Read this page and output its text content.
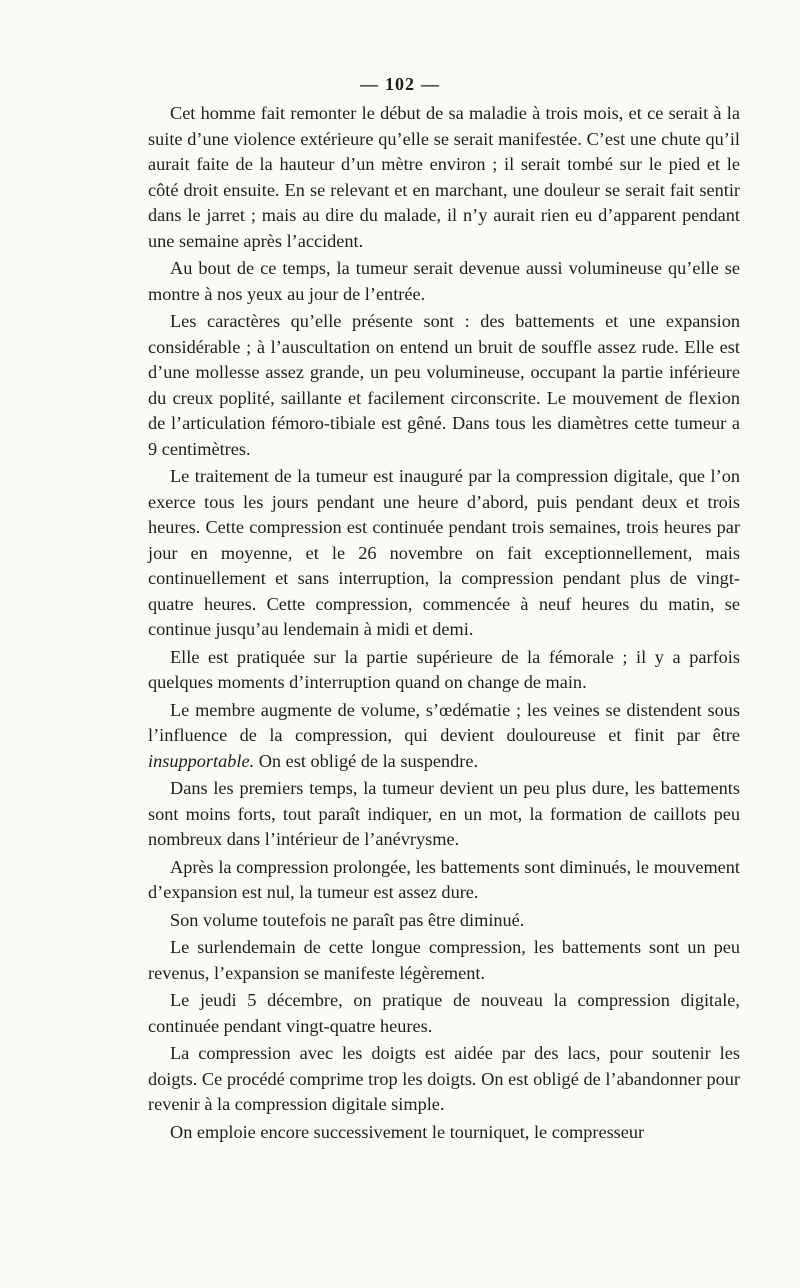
— 102 —

Cet homme fait remonter le début de sa maladie à trois mois, et ce serait à la suite d’une violence extérieure qu’elle se serait manifestée. C’est une chute qu’il aurait faite de la hauteur d’un mètre environ ; il serait tombé sur le pied et le côté droit ensuite. En se relevant et en marchant, une douleur se serait fait sentir dans le jarret ; mais au dire du malade, il n’y aurait rien eu d’apparent pendant une semaine après l’accident.

Au bout de ce temps, la tumeur serait devenue aussi volumineuse qu’elle se montre à nos yeux au jour de l’entrée.

Les caractères qu’elle présente sont : des battements et une expansion considérable ; à l’auscultation on entend un bruit de souffle assez rude. Elle est d’une mollesse assez grande, un peu volumineuse, occupant la partie inférieure du creux poplité, saillante et facilement circonscrite. Le mouvement de flexion de l’articulation fémoro-tibiale est gêné. Dans tous les diamètres cette tumeur a 9 centimètres.

Le traitement de la tumeur est inauguré par la compression digitale, que l’on exerce tous les jours pendant une heure d’abord, puis pendant deux et trois heures. Cette compression est continuée pendant trois semaines, trois heures par jour en moyenne, et le 26 novembre on fait exceptionnellement, mais continuellement et sans interruption, la compression pendant plus de vingt-quatre heures. Cette compression, commencée à neuf heures du matin, se continue jusqu’au lendemain à midi et demi.

Elle est pratiquée sur la partie supérieure de la fémorale ; il y a parfois quelques moments d’interruption quand on change de main.

Le membre augmente de volume, s’œdématie ; les veines se distendent sous l’influence de la compression, qui devient douloureuse et finit par être insupportable. On est obligé de la suspendre.

Dans les premiers temps, la tumeur devient un peu plus dure, les battements sont moins forts, tout paraît indiquer, en un mot, la formation de caillots peu nombreux dans l’intérieur de l’anévrysme.

Après la compression prolongée, les battements sont diminués, le mouvement d’expansion est nul, la tumeur est assez dure.

Son volume toutefois ne paraît pas être diminué.

Le surlendemain de cette longue compression, les battements sont un peu revenus, l’expansion se manifeste légèrement.

Le jeudi 5 décembre, on pratique de nouveau la compression digitale, continuée pendant vingt-quatre heures.

La compression avec les doigts est aidée par des lacs, pour soutenir les doigts. Ce procédé comprime trop les doigts. On est obligé de l’abandonner pour revenir à la compression digitale simple.

On emploie encore successivement le tourniquet, le compresseur
